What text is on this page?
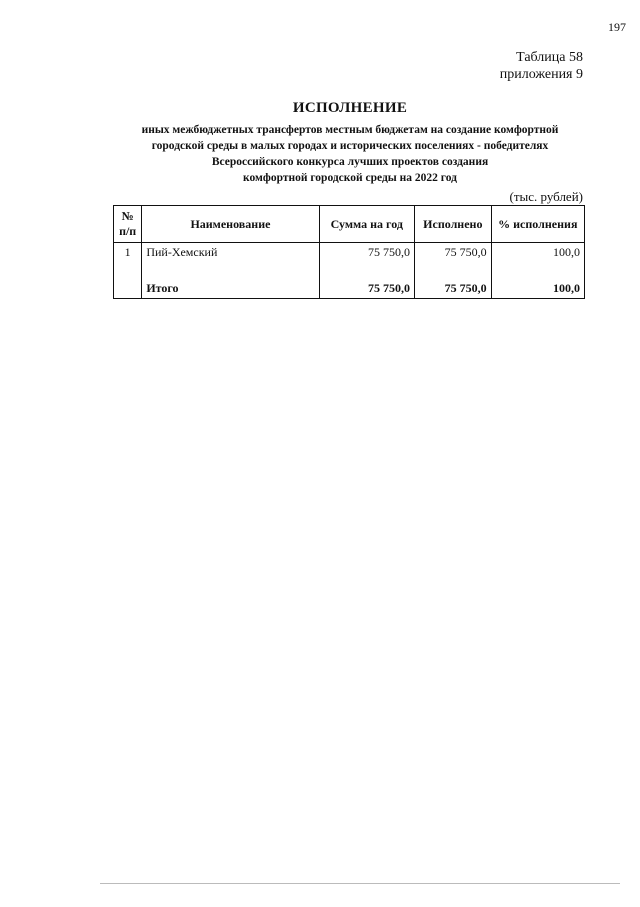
197
Таблица 58
приложения 9
ИСПОЛНЕНИЕ
иных межбюджетных трансфертов местным бюджетам на создание комфортной
городской среды в малых городах и исторических поселениях - победителях
Всероссийского конкурса лучших проектов создания
комфортной городской среды на 2022 год
(тыс. рублей)
№ п/п	Наименование	Сумма на год	Исполнено	% исполнения
1	Пий-Хемский	75 750,0	75 750,0	100,0
	Итого	75 750,0	75 750,0	100,0
